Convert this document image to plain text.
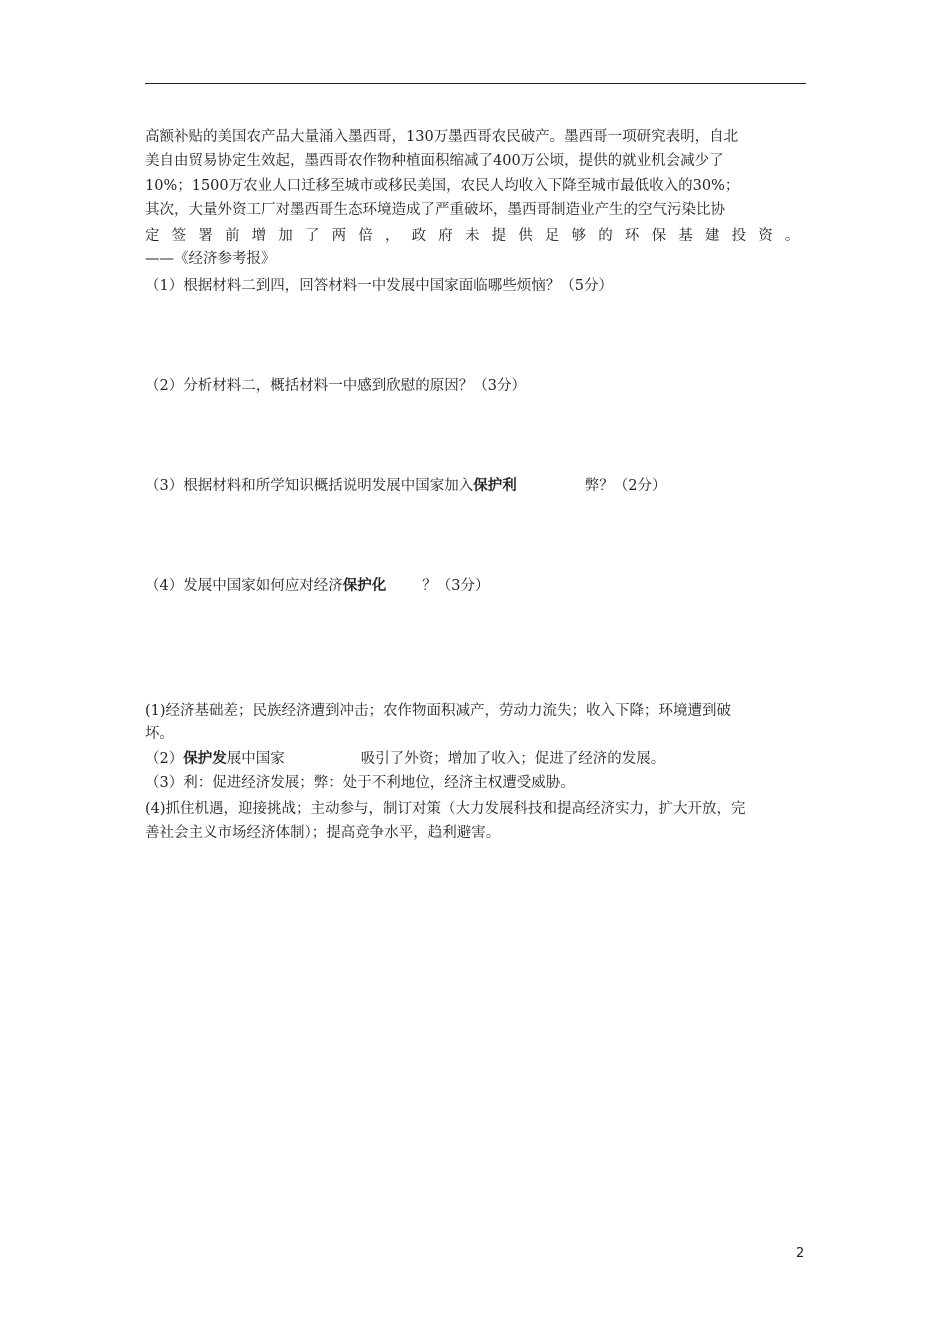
高额补贴的美国农产品大量涌入墨西哥，130万墨西哥农民破产。墨西哥一项研究表明，自北
美自由贸易协定生效起，墨西哥农作物种植面积缩减了400万公顷，提供的就业机会减少了
10%；1500万农业人口迁移至城市或移民美国，农民人均收入下降至城市最低收入的30%；
其次，大量外资工厂对墨西哥生态环境造成了严重破坏，墨西哥制造业产生的空气污染比协
定签署前增加了两倍，政府未提供足够的环保基建投资。
——《经济参考报》
（1）根据材料二到四，回答材料一中发展中国家面临哪些烦恼？（5分）
（2）分析材料二，概括材料一中感到欣慰的原因？（3分）
（3）根据材料和所学知识概括说明发展中国家加入保护利	弊？（2分）
（4）发展中国家如何应对经济保护化 ？（3分）
(1)经济基础差；民族经济遭到冲击；农作物面积减产，劳动力流失；收入下降；环境遭到破
坏。
（2）保护发展中国家	吸引了外资；增加了收入；促进了经济的发展。
（3）利：促进经济发展；弊：处于不利地位，经济主权遭受威胁。
(4)抓住机遇，迎接挑战；主动参与，制订对策（大力发展科技和提高经济实力，扩大开放，完
善社会主义市场经济体制）；提高竞争水平，趋利避害。
2
